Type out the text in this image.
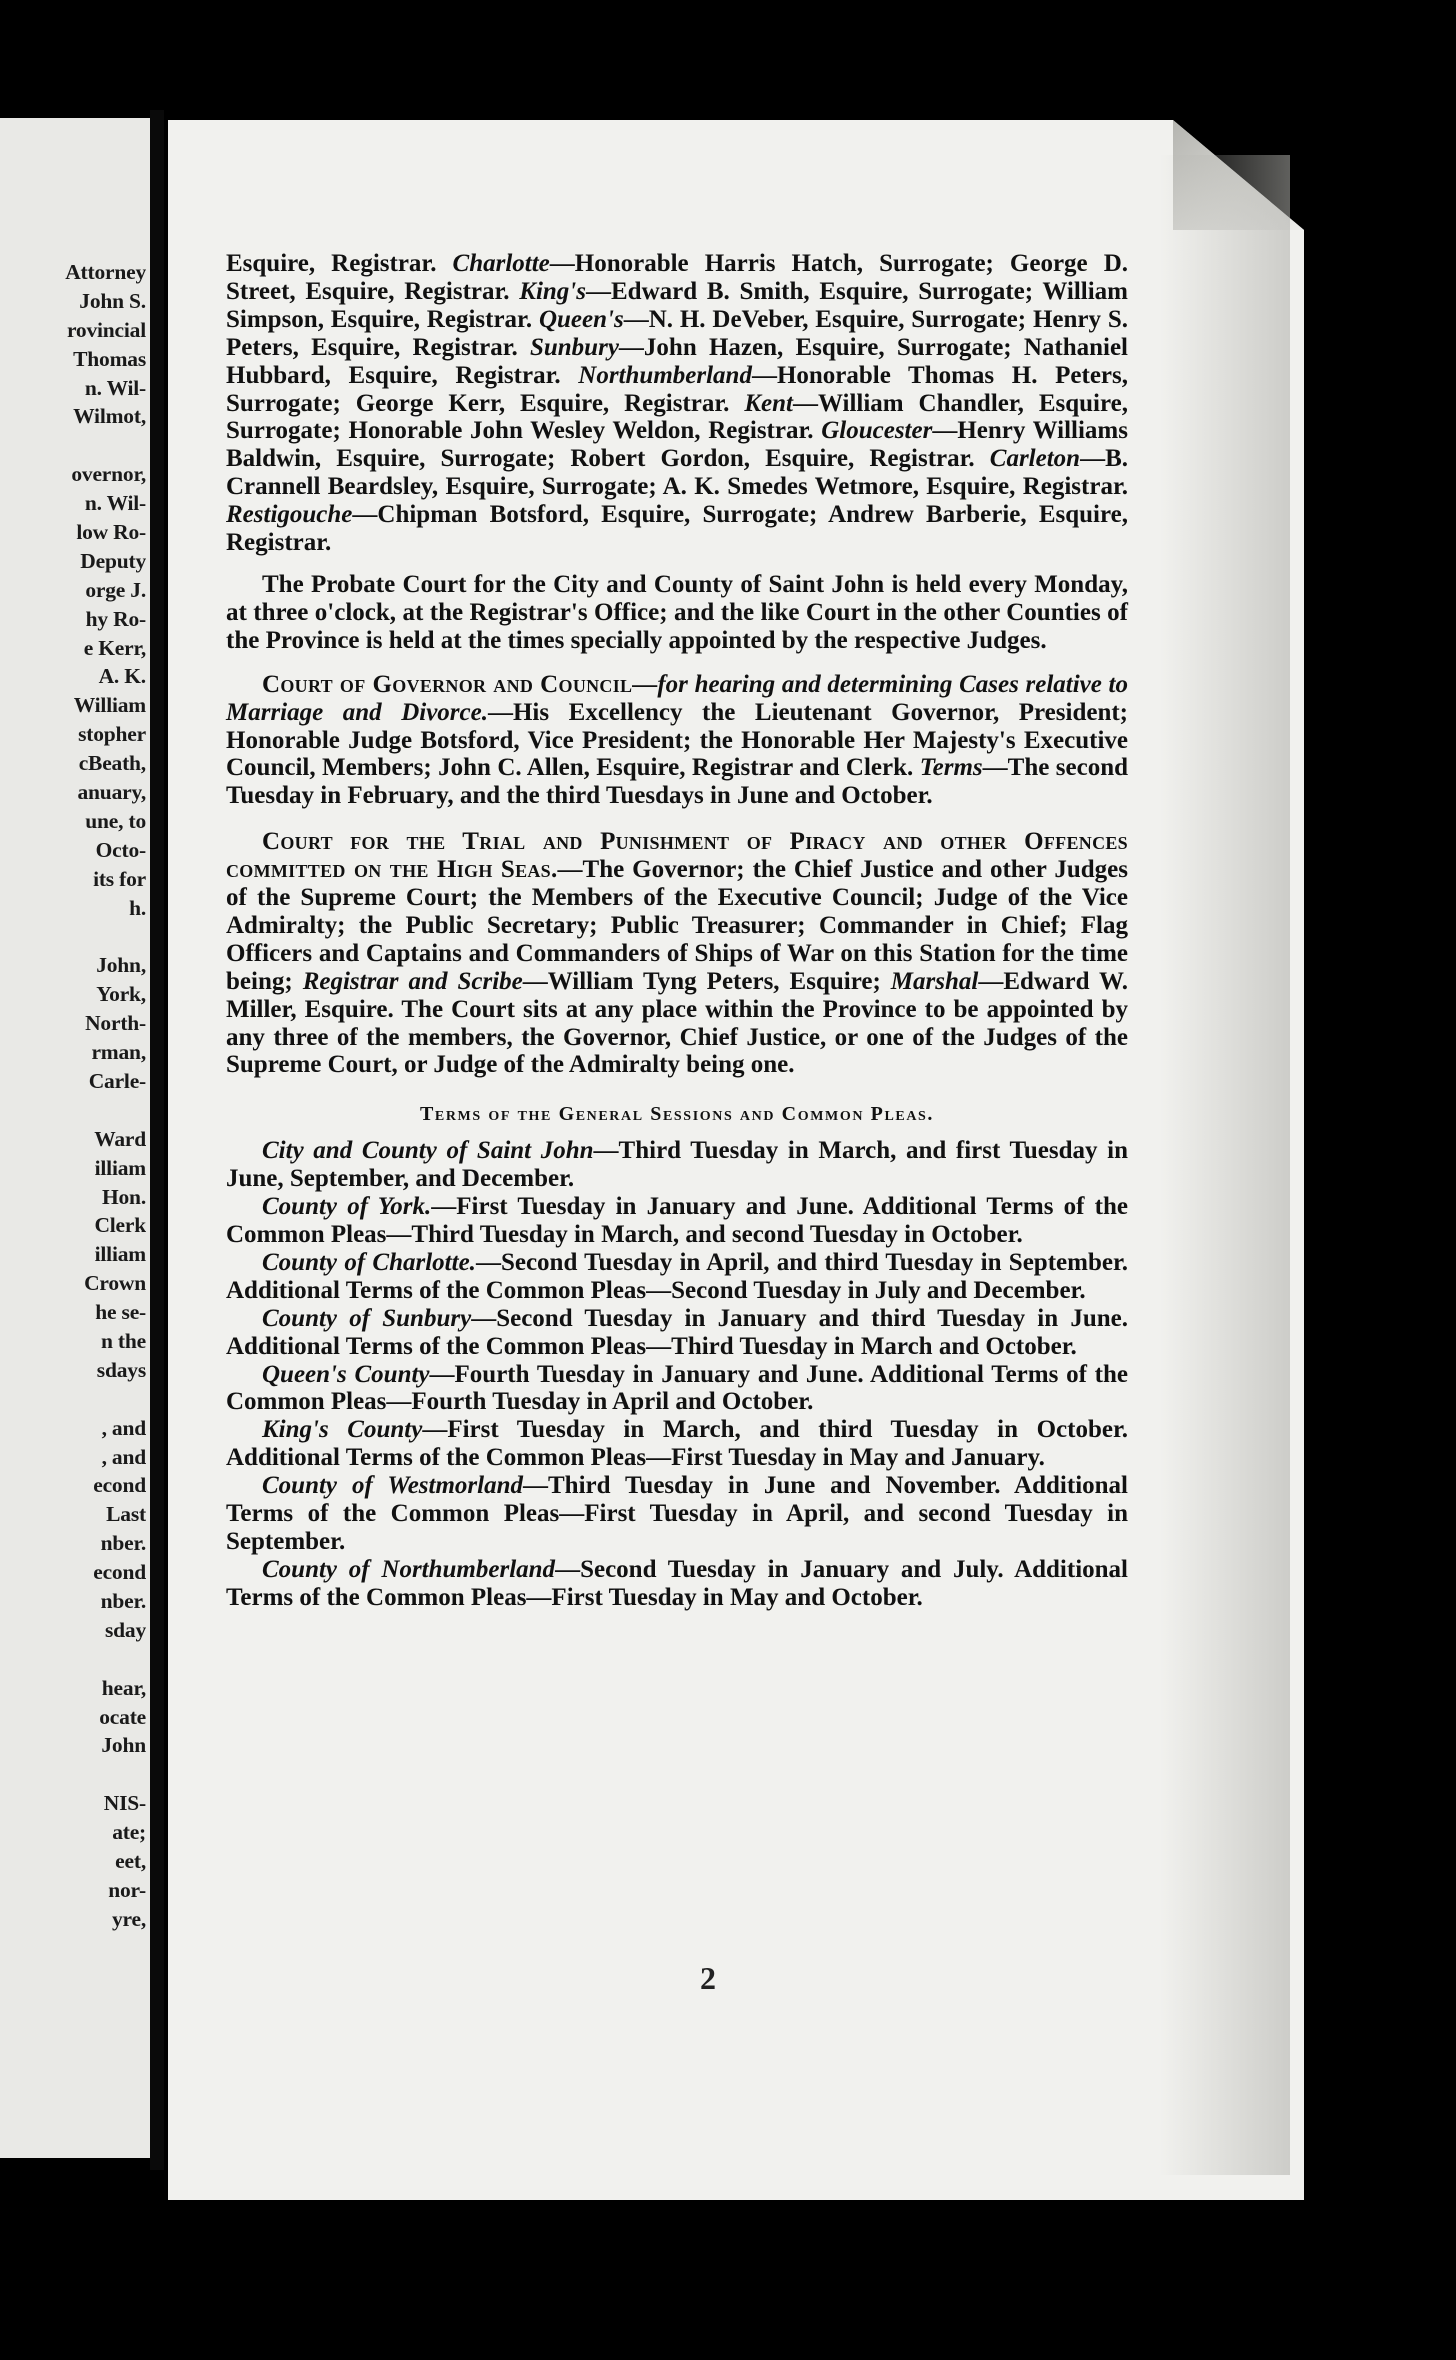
Attorney
John S.
rovincial
Thomas
n. Wil-
Wilmot,
overnor,
n. Wil-
low Ro-
Deputy
orge J.
hy Ro-
e Kerr,
A. K.
William
stopher
cBeath,
anuary,
une, to
Octo-
its for
h.
John,
York,
North-
rman,
Carle-
Ward
illiam
Hon.
Clerk
illiam
Crown
he se-
n the
sdays
, and
, and
econd
Last
nber.
econd
nber.
sday
hear,
ocate
John
NIS-
ate;
eet,
nor-
yre,

Esquire, Registrar. Charlotte—Honorable Harris Hatch, Surrogate; George D. Street, Esquire, Registrar. King's—Edward B. Smith, Esquire, Surrogate; William Simpson, Esquire, Registrar. Queen's—N. H. DeVeber, Esquire, Surrogate; Henry S. Peters, Esquire, Registrar. Sunbury—John Hazen, Esquire, Surrogate; Nathaniel Hubbard, Esquire, Registrar. Northumberland—Honorable Thomas H. Peters, Surrogate; George Kerr, Esquire, Registrar. Kent—William Chandler, Esquire, Surrogate; Honorable John Wesley Weldon, Registrar. Gloucester—Henry Williams Baldwin, Esquire, Surrogate; Robert Gordon, Esquire, Registrar. Carleton—B. Crannell Beardsley, Esquire, Surrogate; A. K. Smedes Wetmore, Esquire, Registrar. Restigouche—Chipman Botsford, Esquire, Surrogate; Andrew Barberie, Esquire, Registrar.

The Probate Court for the City and County of Saint John is held every Monday, at three o'clock, at the Registrar's Office; and the like Court in the other Counties of the Province is held at the times specially appointed by the respective Judges.

Court of Governor and Council—for hearing and determining Cases relative to Marriage and Divorce.—His Excellency the Lieutenant Governor, President; Honorable Judge Botsford, Vice President; the Honorable Her Majesty's Executive Council, Members; John C. Allen, Esquire, Registrar and Clerk. Terms—The second Tuesday in February, and the third Tuesdays in June and October.

Court for the Trial and Punishment of Piracy and other Offences committed on the High Seas.—The Governor; the Chief Justice and other Judges of the Supreme Court; the Members of the Executive Council; Judge of the Vice Admiralty; the Public Secretary; Public Treasurer; Commander in Chief; Flag Officers and Captains and Commanders of Ships of War on this Station for the time being; Registrar and Scribe—William Tyng Peters, Esquire; Marshal—Edward W. Miller, Esquire. The Court sits at any place within the Province to be appointed by any three of the members, the Governor, Chief Justice, or one of the Judges of the Supreme Court, or Judge of the Admiralty being one.

Terms of the General Sessions and Common Pleas.

City and County of Saint John—Third Tuesday in March, and first Tuesday in June, September, and December.

County of York.—First Tuesday in January and June. Additional Terms of the Common Pleas—Third Tuesday in March, and second Tuesday in October.

County of Charlotte.—Second Tuesday in April, and third Tuesday in September. Additional Terms of the Common Pleas—Second Tuesday in July and December.

County of Sunbury—Second Tuesday in January and third Tuesday in June. Additional Terms of the Common Pleas—Third Tuesday in March and October.

Queen's County—Fourth Tuesday in January and June. Additional Terms of the Common Pleas—Fourth Tuesday in April and October.

King's County—First Tuesday in March, and third Tuesday in October. Additional Terms of the Common Pleas—First Tuesday in May and January.

County of Westmorland—Third Tuesday in June and November. Additional Terms of the Common Pleas—First Tuesday in April, and second Tuesday in September.

County of Northumberland—Second Tuesday in January and July. Additional Terms of the Common Pleas—First Tuesday in May and October.

2
